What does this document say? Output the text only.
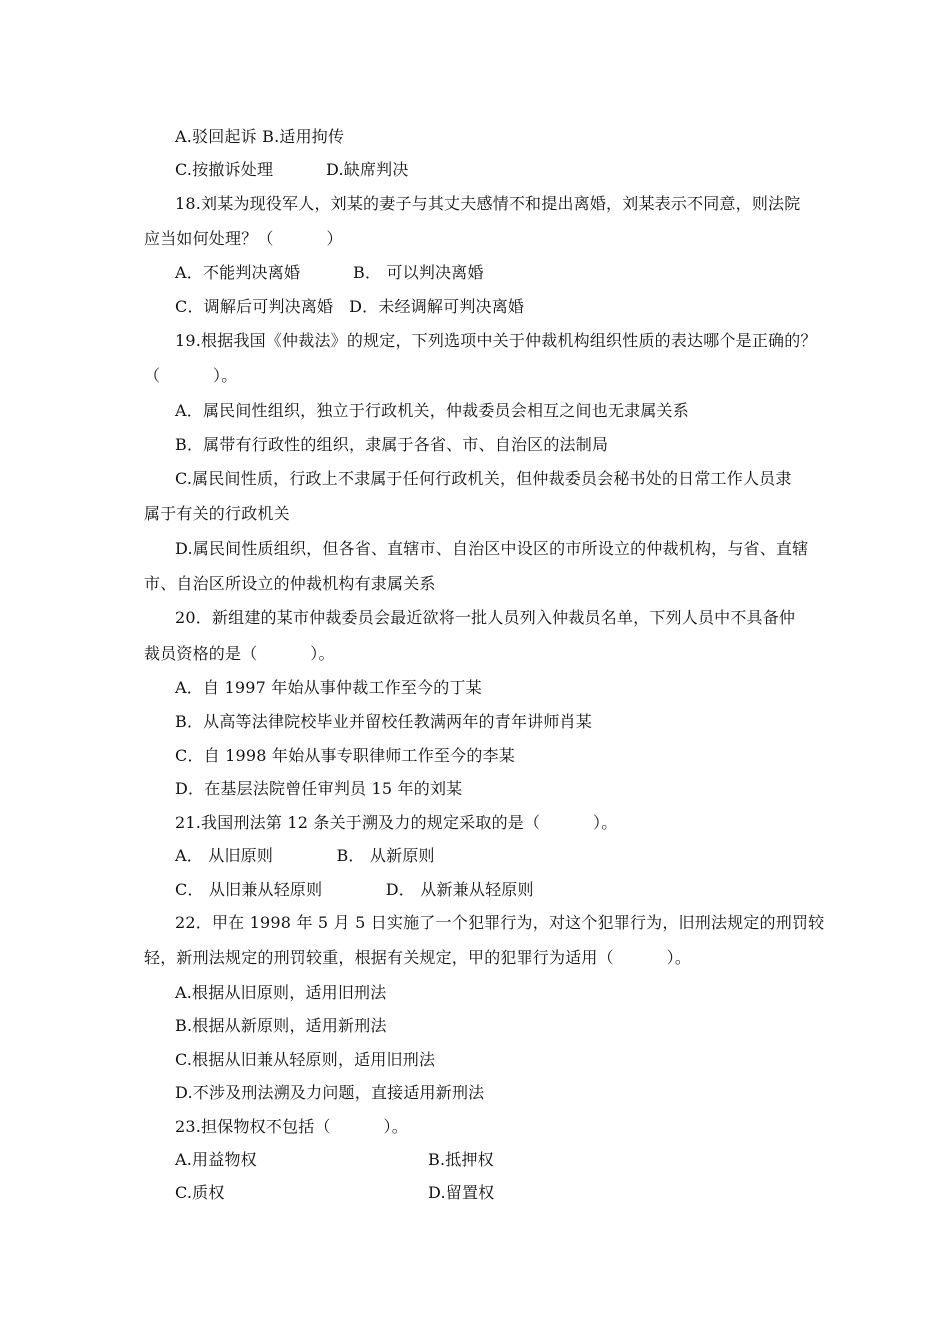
A.驳回起诉 B.适用拘传
C.按撤诉处理          D.缺席判决
18.刘某为现役军人，刘某的妻子与其丈夫感情不和提出离婚，刘某表示不同意，则法院
应当如何处理？（          ）
A．不能判决离婚          B． 可以判决离婚
C．调解后可判决离婚   D．未经调解可判决离婚
19.根据我国《仲裁法》的规定，下列选项中关于仲裁机构组织性质的表达哪个是正确的？
（          ）。
A．属民间性组织，独立于行政机关，仲裁委员会相互之间也无隶属关系
B．属带有行政性的组织，隶属于各省、市、自治区的法制局
C.属民间性质，行政上不隶属于任何行政机关，但仲裁委员会秘书处的日常工作人员隶
属于有关的行政机关
D.属民间性质组织，但各省、直辖市、自治区中设区的市所设立的仲裁机构，与省、直辖
市、自治区所设立的仲裁机构有隶属关系
20．新组建的某市仲裁委员会最近欲将一批人员列入仲裁员名单，下列人员中不具备仲
裁员资格的是（          ）。
A．自 1997 年始从事仲裁工作至今的丁某
B．从高等法律院校毕业并留校任教满两年的青年讲师肖某
C．自 1998 年始从事专职律师工作至今的李某
D．在基层法院曾任审判员 15 年的刘某
21.我国刑法第 12 条关于溯及力的规定采取的是（          ）。
A． 从旧原则            B． 从新原则
C． 从旧兼从轻原则            D． 从新兼从轻原则
22．甲在 1998 年 5 月 5 日实施了一个犯罪行为，对这个犯罪行为，旧刑法规定的刑罚较
轻，新刑法规定的刑罚较重，根据有关规定，甲的犯罪行为适用（          ）。
A.根据从旧原则，适用旧刑法
B.根据从新原则，适用新刑法
C.根据从旧兼从轻原则，适用旧刑法
D.不涉及刑法溯及力问题，直接适用新刑法
23.担保物权不包括（          ）。
A.用益物权	B.抵押权
C.质权	D.留置权
